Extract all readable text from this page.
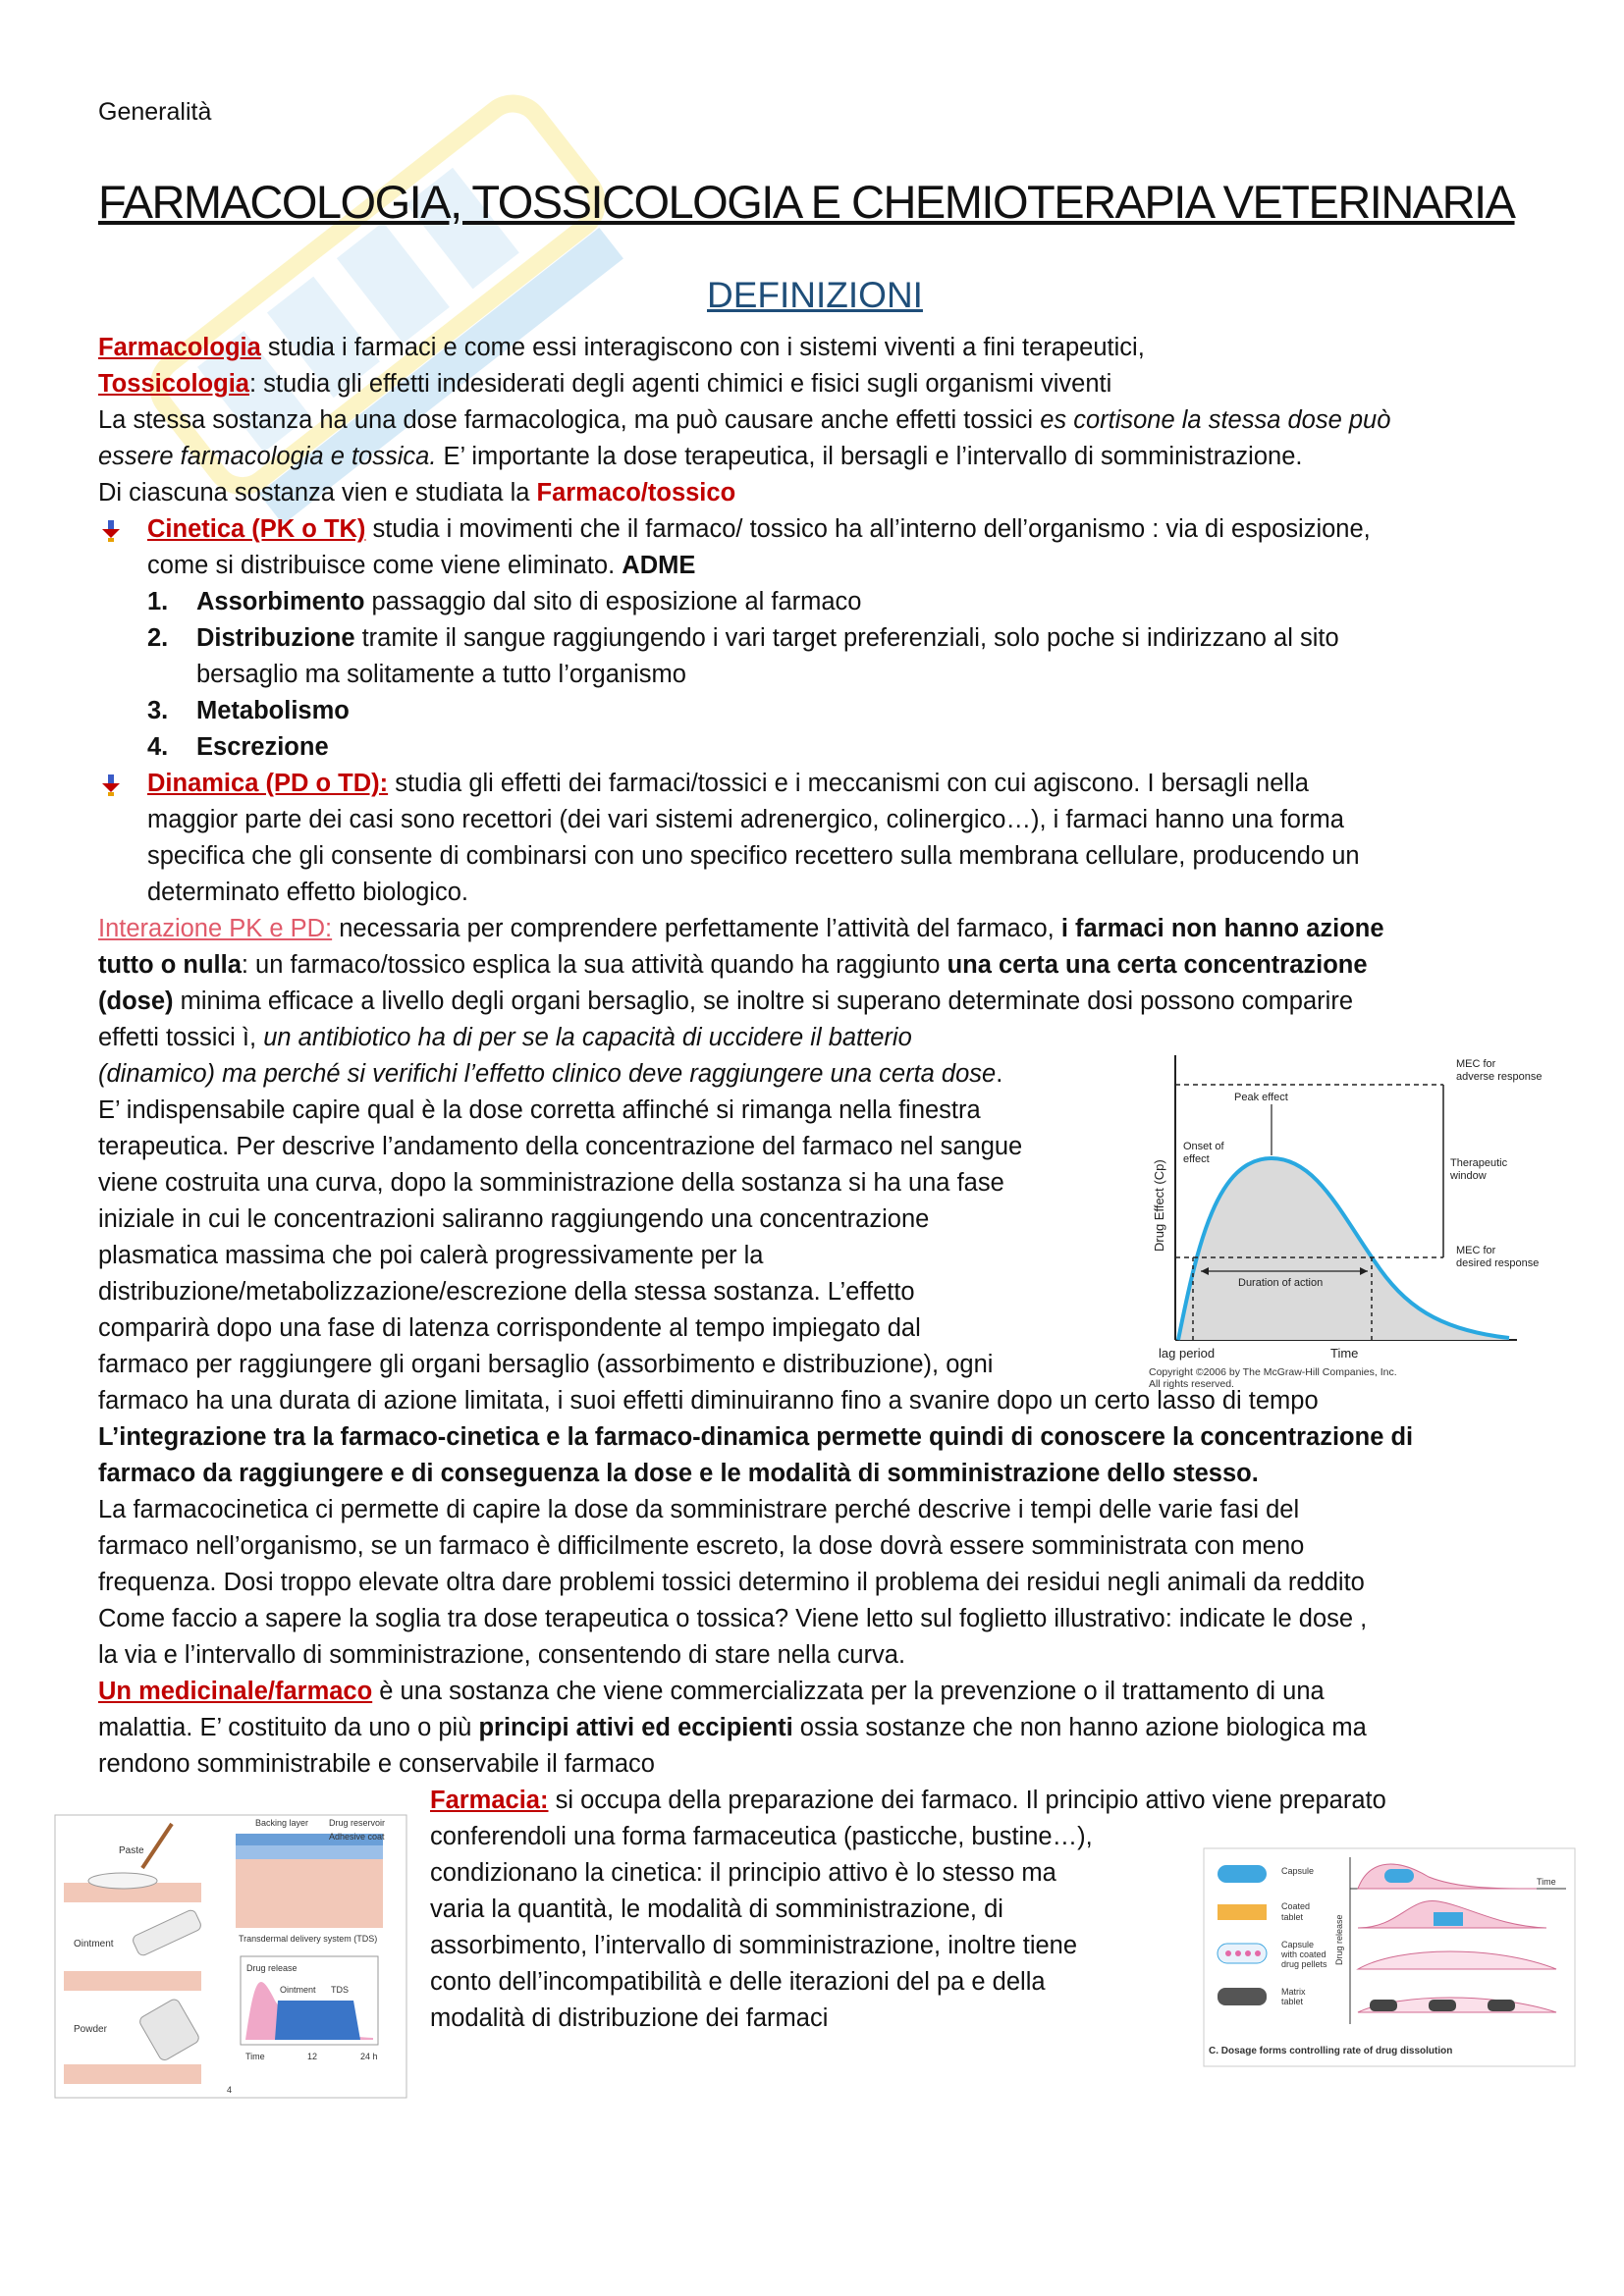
Generalità
FARMACOLOGIA, TOSSICOLOGIA E CHEMIOTERAPIA VETERINARIA
DEFINIZIONI
Farmacologia studia i farmaci e come essi interagiscono con i sistemi viventi a fini terapeutici,
Tossicologia: studia gli effetti indesiderati degli agenti chimici e fisici sugli organismi viventi
La stessa sostanza ha una dose farmacologica, ma può causare anche effetti tossici es cortisone la stessa dose può
essere farmacologia e tossica. E’ importante la dose terapeutica, il bersagli e l’intervallo di somministrazione.
Di ciascuna sostanza vien e studiata la Farmaco/tossico
Cinetica (PK o TK) studia i movimenti che il farmaco/ tossico ha all’interno dell’organismo : via di esposizione,
come si distribuisce come viene eliminato. ADME
1. Assorbimento passaggio dal sito di esposizione al farmaco
2. Distribuzione tramite il sangue raggiungendo i vari target preferenziali, solo poche si indirizzano al sito
bersaglio ma solitamente a tutto l’organismo
3. Metabolismo
4. Escrezione
Dinamica (PD o TD): studia gli effetti dei farmaci/tossici e i meccanismi con cui agiscono. I bersagli nella
maggior parte dei casi sono recettori (dei vari sistemi adrenergico, colinergico…), i farmaci hanno una forma
specifica che gli consente di combinarsi con uno specifico recettero sulla membrana cellulare, producendo un
determinato effetto biologico.
Interazione PK e PD: necessaria per comprendere perfettamente l’attività del farmaco, i farmaci non hanno azione
tutto o nulla: un farmaco/tossico esplica la sua attività quando ha raggiunto una certa una certa concentrazione
(dose) minima efficace a livello degli organi bersaglio, se inoltre si superano determinate dosi possono comparire
effetti tossici ì, un antibiotico ha di per se la capacità di uccidere il batterio
(dinamico) ma perché si verifichi l’effetto clinico deve raggiungere una certa dose.
E’ indispensabile capire qual è la dose corretta affinché si rimanga nella finestra
terapeutica. Per descrive l’andamento della concentrazione del farmaco nel sangue
viene costruita una curva, dopo la somministrazione della sostanza si ha una fase
iniziale in cui le concentrazioni saliranno raggiungendo una concentrazione
plasmatica massima che poi calerà progressivamente per la
distribuzione/metabolizzazione/escrezione della stessa sostanza. L’effetto
comparirà dopo una fase di latenza corrispondente al tempo impiegato dal
farmaco per raggiungere gli organi bersaglio (assorbimento e distribuzione), ogni
farmaco ha una durata di azione limitata, i suoi effetti diminuiranno fino a svanire dopo un certo lasso di tempo
L’integrazione tra la farmaco-cinetica e la farmaco-dinamica permette quindi di conoscere la concentrazione di
farmaco da raggiungere e di conseguenza la dose e le modalità di somministrazione dello stesso.
La farmacocinetica ci permette di capire la dose da somministrare perché descrive i tempi delle varie fasi del
farmaco nell’organismo, se un farmaco è difficilmente escreto, la dose dovrà essere somministrata con meno
frequenza. Dosi troppo elevate oltra dare problemi tossici determino il problema dei residui negli animali da reddito
Come faccio a sapere la soglia tra dose terapeutica o tossica? Viene letto sul foglietto illustrativo: indicate le dose ,
la via e l’intervallo di somministrazione, consentendo di stare nella curva.
Un medicinale/farmaco è una sostanza che viene commercializzata per la prevenzione o il trattamento di una
malattia. E’ costituito da uno o più principi attivi ed eccipienti ossia sostanze che non hanno azione biologica ma
rendono somministrabile e conservabile il farmaco
Farmacia: si occupa della preparazione dei farmaco. Il principio attivo viene preparato
conferendoli una forma farmaceutica (pasticche, bustine…),
condizionano la cinetica: il principio attivo è lo stesso ma
varia la quantità, le modalità di somministrazione, di
assorbimento, l’intervallo di somministrazione, inoltre tiene
conto dell’incompatibilità e delle iterazioni del pa e della
modalità di distribuzione dei farmaci
Drug Effect (Cp)
MEC for
adverse response
Peak effect
Onset of
effect	Therapeutic
window
MEC for
desired response
Duration of action
lag period	Time
Copyright ©2006 by The McGraw-Hill Companies, Inc.
All rights reserved.
Paste
Ointment
Powder
Backing layer Drug reservoir
Adhesive coat
Transdermal delivery system (TDS)
Drug release
Ointment TDS
Time	12	24 h
4
Capsule
Coated
tablet
Capsule
with coated
drug pellets
Matrix
tablet
Drug release
Time
C. Dosage forms controlling rate of drug dissolution
